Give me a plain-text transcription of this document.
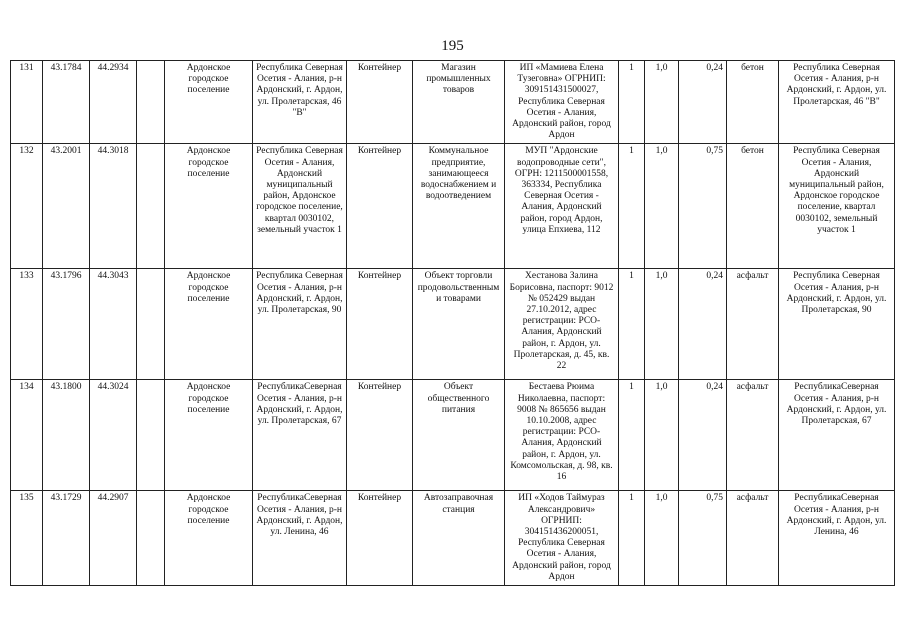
195
131	43.1784	44.2934		Ардонское городское поселение	Республика Северная Осетия - Алания, р-н Ардонский, г. Ардон, ул. Пролетарская, 46 "В"	Контейнер	Магазин промышленных товаров	ИП «Мамиева Елена Тузеговна» ОГРНИП: 309151431500027, Республика Северная Осетия - Алания, Ардонский район, город Ардон	1	1,0	0,24	бетон	Республика Северная Осетия - Алания, р-н Ардонский, г. Ардон, ул. Пролетарская, 46 "В"
132	43.2001	44.3018		Ардонское городское поселение	Республика Северная Осетия - Алания, Ардонский муниципальный район, Ардонское городское поселение, квартал 0030102, земельный участок 1	Контейнер	Коммунальное предприятие, занимающееся водоснабжением и водоотведением	МУП "Ардонские водопроводные сети", ОГРН: 1211500001558, 363334, Республика Северная Осетия - Алания, Ардонский район, город Ардон, улица Епхиева, 112	1	1,0	0,75	бетон	Республика Северная Осетия - Алания, Ардонский муниципальный район, Ардонское городское поселение, квартал 0030102, земельный участок 1
133	43.1796	44.3043		Ардонское городское поселение	Республика Северная Осетия - Алания, р-н Ардонский, г. Ардон, ул. Пролетарская, 90	Контейнер	Объект торговли продовольственными товарами	Хестанова Залина Борисовна, паспорт: 9012 № 052429 выдан 27.10.2012, адрес регистрации: РСО-Алания, Ардонский район, г. Ардон, ул. Пролетарская, д. 45, кв. 22	1	1,0	0,24	асфальт	Республика Северная Осетия - Алания, р-н Ардонский, г. Ардон, ул. Пролетарская, 90
134	43.1800	44.3024		Ардонское городское поселение	РеспубликаСеверная Осетия - Алания, р-н Ардонский, г. Ардон, ул. Пролетарская, 67	Контейнер	Объект общественного питания	Бестаева Рюима Николаевна, паспорт: 9008 № 865656 выдан 10.10.2008, адрес регистрации: РСО-Алания, Ардонский район, г. Ардон, ул. Комсомольская, д. 98, кв. 16	1	1,0	0,24	асфальт	РеспубликаСеверная Осетия - Алания, р-н Ардонский, г. Ардон, ул. Пролетарская, 67
135	43.1729	44.2907		Ардонское городское поселение	РеспубликаСеверная Осетия - Алания, р-н Ардонский, г. Ардон, ул. Ленина, 46	Контейнер	Автозаправочная станция	ИП «Ходов Таймураз Александрович» ОГРНИП: 304151436200051, Республика Северная Осетия - Алания, Ардонский район, город Ардон	1	1,0	0,75	асфальт	РеспубликаСеверная Осетия - Алания, р-н Ардонский, г. Ардон, ул. Ленина, 46
